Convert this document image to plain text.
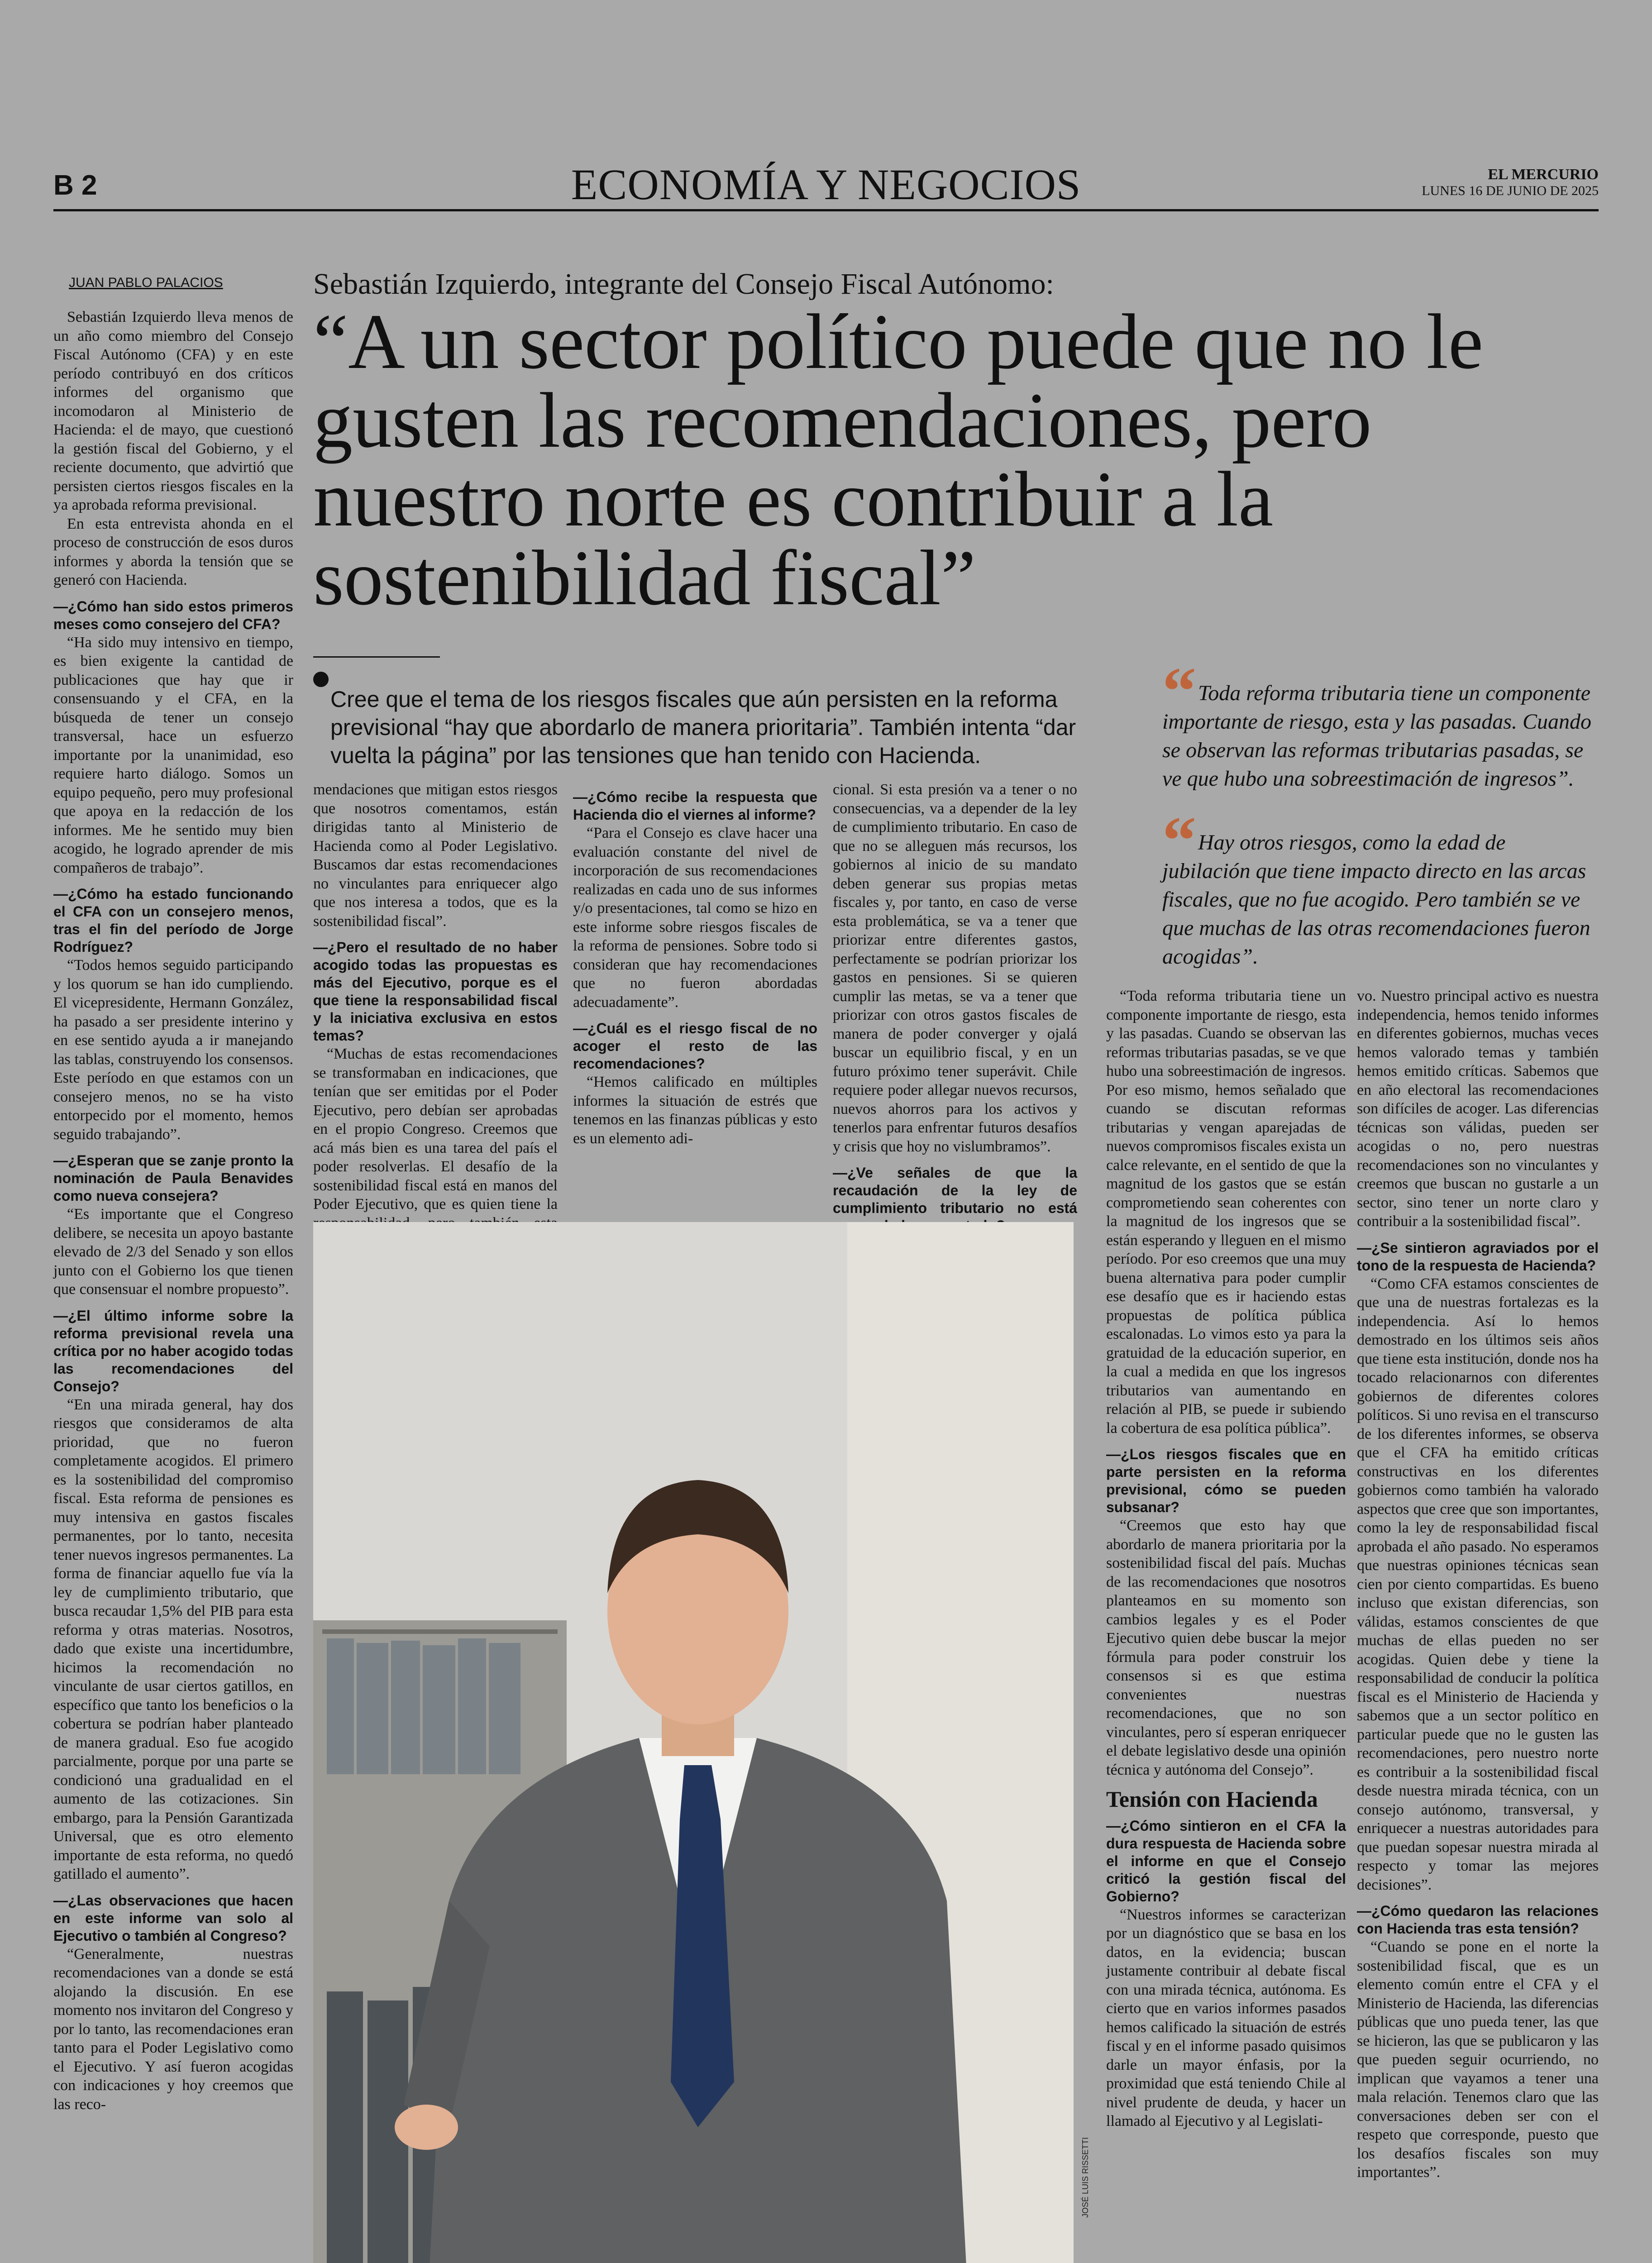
B 2	ECONOMÍA Y NEGOCIOS	EL MERCURIO
LUNES 16 DE JUNIO DE 2025
JUAN PABLO PALACIOS	Sebastián Izquierdo, integrante del Consejo Fiscal Autónomo:
“A un sector político puede que no le gusten las recomendaciones, pero nuestro norte es contribuir a la sostenibilidad fiscal”
Cree que el tema de los riesgos fiscales que aún persisten en la reforma previsional “hay que abordarlo de manera prioritaria”. También intenta “dar vuelta la página” por las tensiones que han tenido con Hacienda.

Sebastián Izquierdo lleva menos de un año como miembro del Consejo Fiscal Autónomo (CFA) y en este período contribuyó en dos críticos informes del organismo que incomodaron al Ministerio de Hacienda: el de mayo, que cuestionó la gestión fiscal del Gobierno, y el reciente documento, que advirtió que persisten ciertos riesgos fiscales en la ya aprobada reforma previsional.

En esta entrevista ahonda en el proceso de construcción de esos duros informes y aborda la tensión que se generó con Hacienda.

—¿Cómo han sido estos primeros meses como consejero del CFA?

“Ha sido muy intensivo en tiempo, es bien exigente la cantidad de publicaciones que hay que ir consensuando y el CFA, en la búsqueda de tener un consejo transversal, hace un esfuerzo importante por la unanimidad, eso requiere harto diálogo. Somos un equipo pequeño, pero muy profesional que apoya en la redacción de los informes. Me he sentido muy bien acogido, he logrado aprender de mis compañeros de trabajo”.

—¿Cómo ha estado funcionando el CFA con un consejero menos, tras el fin del período de Jorge Rodríguez?

“Todos hemos seguido participando y los quorum se han ido cumpliendo. El vicepresidente, Hermann González, ha pasado a ser presidente interino y en ese sentido ayuda a ir manejando las tablas, construyendo los consensos. Este período en que estamos con un consejero menos, no se ha visto entorpecido por el momento, hemos seguido trabajando”.

—¿Esperan que se zanje pronto la nominación de Paula Benavides como nueva consejera?

“Es importante que el Congreso delibere, se necesita un apoyo bastante elevado de 2/3 del Senado y son ellos junto con el Gobierno los que tienen que consensuar el nombre propuesto”.

—¿El último informe sobre la reforma previsional revela una crítica por no haber acogido todas las recomendaciones del Consejo?

“En una mirada general, hay dos riesgos que consideramos de alta prioridad, que no fueron completamente acogidos. El primero es la sostenibilidad del compromiso fiscal. Esta reforma de pensiones es muy intensiva en gastos fiscales permanentes, por lo tanto, necesita tener nuevos ingresos permanentes. La forma de financiar aquello fue vía la ley de cumplimiento tributario, que busca recaudar 1,5% del PIB para esta reforma y otras materias. Nosotros, dado que existe una incertidumbre, hicimos la recomendación no vinculante de usar ciertos gatillos, en específico que tanto los beneficios o la cobertura se podrían haber planteado de manera gradual. Eso fue acogido parcialmente, porque por una parte se condicionó una gradualidad en el aumento de las cotizaciones. Sin embargo, para la Pensión Garantizada Universal, que es otro elemento importante de esta reforma, no quedó gatillado el aumento”.

—¿Las observaciones que hacen en este informe van solo al Ejecutivo o también al Congreso?

“Generalmente, nuestras recomendaciones van a donde se está alojando la discusión. En ese momento nos invitaron del Congreso y por lo tanto, las recomendaciones eran tanto para el Poder Legislativo como el Ejecutivo. Y así fueron acogidas con indicaciones y hoy creemos que las reco-

mendaciones que mitigan estos riesgos que nosotros comentamos, están dirigidas tanto al Ministerio de Hacienda como al Poder Legislativo. Buscamos dar estas recomendaciones no vinculantes para enriquecer algo que nos interesa a todos, que es la sostenibilidad fiscal”.

—¿Pero el resultado de no haber acogido todas las propuestas es más del Ejecutivo, porque es el que tiene la responsabilidad fiscal y la iniciativa exclusiva en estos temas?

“Muchas de estas recomendaciones se transformaban en indicaciones, que tenían que ser emitidas por el Poder Ejecutivo, pero debían ser aprobadas en el propio Congreso. Creemos que acá más bien es una tarea del país el poder resolverlas. El desafío de la sostenibilidad fiscal está en manos del Poder Ejecutivo, que es quien tiene la

—¿Cómo recibe la respuesta que Hacienda dio el viernes al informe?

“Para el Consejo es clave hacer una evaluación constante del nivel de incorporación de sus recomendaciones realizadas en cada uno de sus informes y/o presentaciones, tal como se hizo en este informe sobre riesgos fiscales de la reforma de pensiones. Sobre todo si consideran que hay recomendaciones que no fueron abordadas adecuadamente”.

—¿Cuál es el riesgo fiscal de no acoger el resto de las recomendaciones?

“Hemos calificado en múltiples informes la situación de estrés que tenemos en las finanzas públicas y esto es un elemento adi-

cional. Si esta presión va a tener o no consecuencias, va a depender de la ley de cumplimiento tributario. En caso de que no se alleguen más recursos, los gobiernos al inicio de su mandato deben generar sus propias metas fiscales y, por tanto, en caso de verse esta problemática, se va a tener que priorizar entre diferentes gastos, perfectamente se podrían priorizar los gastos en pensiones. Si se quieren cumplir las metas, se va a tener que priorizar con otros gastos fiscales de manera de poder converger y ojalá buscar un equilibrio fiscal, y en un futuro próximo tener superávit. Chile requiere poder allegar nuevos recursos, nuevos ahorros para los activos y tenerlos para enfrentar futuros desafíos y crisis que hoy no vislumbramos”.

—¿Ve señales de que la recaudación de la ley de cumplimiento tributario no está

“Toda reforma tributaria tiene un componente importante de riesgo, esta y las pasadas. Cuando se observan las reformas tributarias pasadas, se ve que hubo una sobreestimación de ingresos”.
“Hay otros riesgos, como la edad de jubilación que tiene impacto directo en las arcas fiscales, que no fue acogido. Pero también se ve que muchas de las otras recomendaciones fueron acogidas”.

“Toda reforma tributaria tiene un componente importante de riesgo, esta y las pasadas. Cuando se observan las reformas tributarias pasadas, se ve que hubo una sobreestimación de ingresos. Por eso mismo, hemos señalado que cuando se discutan reformas tributarias y vengan aparejadas de nuevos compromisos fiscales exista un calce relevante, en el sentido de que la magnitud de los gastos que se están comprometiendo sean coherentes con la magnitud de los ingresos que se están esperando y lleguen en el mismo período. Por eso creemos que una muy buena alternativa para poder cumplir ese desafío que es ir haciendo estas propuestas de política pública escalonadas. Lo vimos esto ya para la gratuidad de la educación superior, en la cual a medida en que los ingresos tributarios van aumentando en relación al PIB, se puede ir subiendo la cobertura de esa política pública”.

—¿Los riesgos fiscales que en parte persisten en la reforma previsional, cómo se pueden subsanar?

“Creemos que esto hay que abordarlo de manera prioritaria por la sostenibilidad fiscal del país. Muchas de las recomendaciones que nosotros planteamos en su momento son cambios legales y es el Poder Ejecutivo quien debe buscar la mejor fórmula para poder construir los consensos si es que estima convenientes nuestras recomendaciones, que no son vinculantes, pero sí esperan enriquecer el debate legislativo desde una opinión técnica y autónoma del Consejo”.

Tensión con Hacienda

—¿Cómo sintieron en el CFA la dura respuesta de Hacienda sobre el informe en que el Consejo criticó la gestión fiscal del Gobierno?

“Nuestros informes se caracterizan por un diagnóstico que se basa en los datos, en la evidencia; buscan justamente contribuir al debate fiscal con una mirada técnica, autónoma. Es cierto que en varios informes pasados hemos calificado la situación de estrés fiscal y en el informe pasado quisimos darle un mayor énfasis, por la proximidad que está teniendo Chile al nivel prudente de deuda, y hacer un llamado al Ejecutivo y al Legislati-

vo. Nuestro principal activo es nuestra independencia, hemos tenido informes en diferentes gobiernos, muchas veces hemos valorado temas y también hemos emitido críticas. Sabemos que en año electoral las recomendaciones son difíciles de acoger. Las diferencias técnicas son válidas, pueden ser acogidas o no, pero nuestras recomendaciones son no vinculantes y creemos que buscan no gustarle a un sector, sino tener un norte claro y contribuir a la sostenibilidad fiscal”.

—¿Se sintieron agraviados por el tono de la respuesta de Hacienda?

“Como CFA estamos conscientes de que una de nuestras fortalezas es la independencia. Así lo hemos demostrado en los últimos seis años que tiene esta institución, donde nos ha tocado relacionarnos con diferentes gobiernos de diferentes colores políticos. Si uno revisa en el transcurso de los diferentes informes, se observa que el CFA ha emitido críticas constructivas en los diferentes gobiernos como también ha valorado aspectos que cree que son importantes, como la ley de responsabilidad fiscal aprobada el año pasado. No esperamos que nuestras opiniones técnicas sean cien por ciento compartidas. Es bueno incluso que existan diferencias, son válidas, estamos conscientes de que muchas de ellas pueden no ser acogidas. Quien debe y tiene la responsabilidad de conducir la política fiscal es el Ministerio de Hacienda y sabemos que a un sector político en particular puede que no le gusten las recomendaciones, pero nuestro norte es contribuir a la sostenibilidad fiscal desde nuestra mirada técnica, con un consejo autónomo, transversal, y enriquecer a nuestras autoridades para que puedan sopesar nuestra mirada al respecto y tomar las mejores decisiones”.

—¿Cómo quedaron las relaciones con Hacienda tras esta tensión?

“Cuando se pone en el norte la sostenibilidad fiscal, que es un elemento común entre el CFA y el Ministerio de Hacienda, las diferencias públicas que uno pueda tener, las que se hicieron, las que se publicaron y las que pueden seguir ocurriendo, no implican que vayamos a tener una mala relación. Tenemos claro que las conversaciones deben ser con el respeto que corresponde, puesto que los desafíos fiscales son muy importantes”.

JOSÉ LUIS RISSETTI
